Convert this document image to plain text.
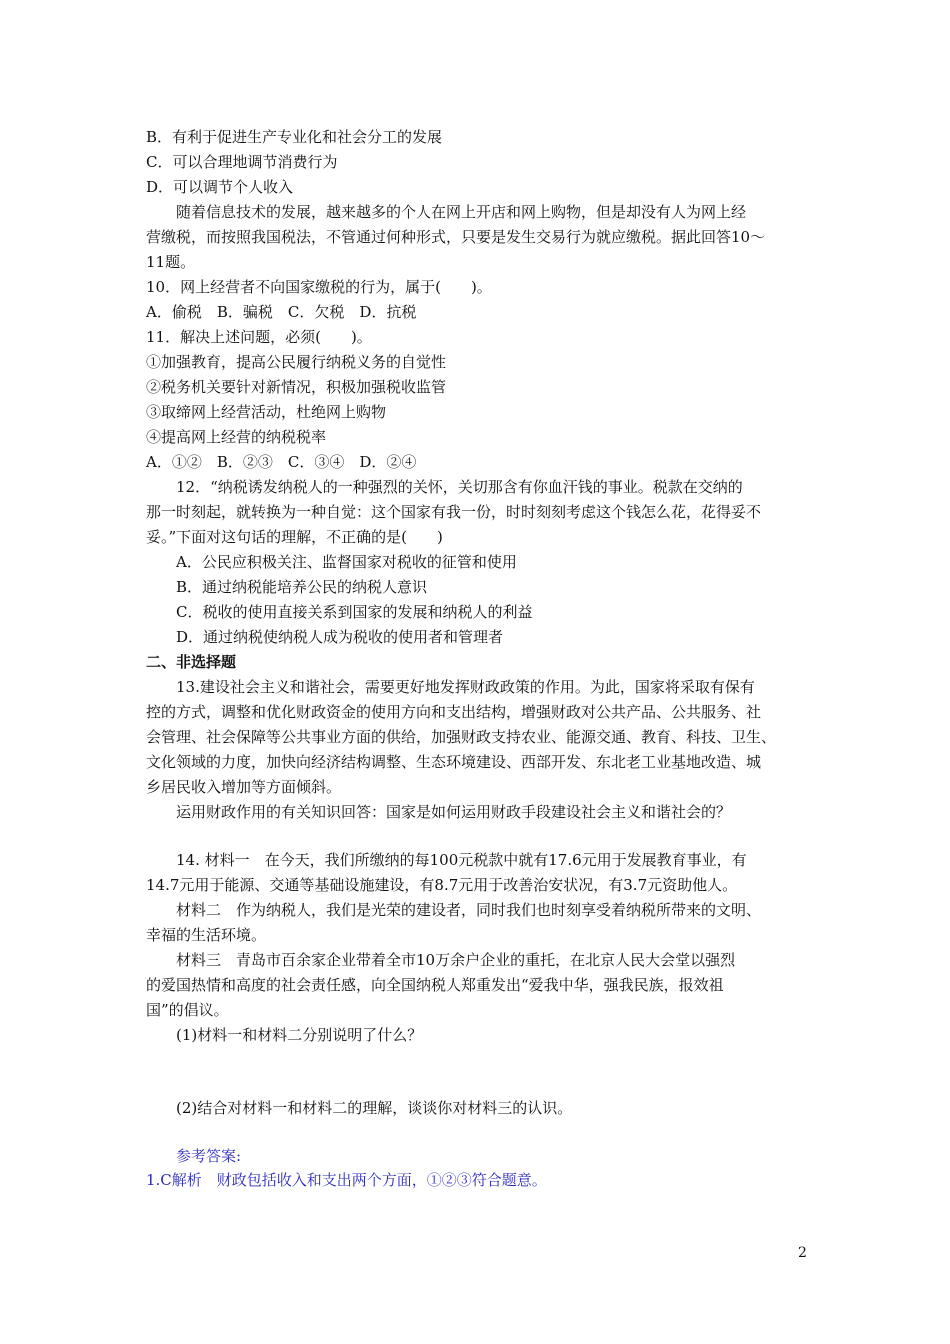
B．有利于促进生产专业化和社会分工的发展
C．可以合理地调节消费行为
D．可以调节个人收入
随着信息技术的发展，越来越多的个人在网上开店和网上购物，但是却没有人为网上经
营缴税，而按照我国税法，不管通过何种形式，只要是发生交易行为就应缴税。据此回答10～
11题。
10．网上经营者不向国家缴税的行为，属于(　　)。
A．偷税　B．骗税　C．欠税　D．抗税
11．解决上述问题，必须(　　)。
①加强教育，提高公民履行纳税义务的自觉性
②税务机关要针对新情况，积极加强税收监管
③取缔网上经营活动，杜绝网上购物
④提高网上经营的纳税税率
A．①②　B．②③　C．③④　D．②④
12．“纳税诱发纳税人的一种强烈的关怀，关切那含有你血汗钱的事业。税款在交纳的
那一时刻起，就转换为一种自觉：这个国家有我一份，时时刻刻考虑这个钱怎么花，花得妥不
妥。”下面对这句话的理解，不正确的是(　　)
A．公民应积极关注、监督国家对税收的征管和使用
B．通过纳税能培养公民的纳税人意识
C．税收的使用直接关系到国家的发展和纳税人的利益
D．通过纳税使纳税人成为税收的使用者和管理者
二、非选择题
13.建设社会主义和谐社会，需要更好地发挥财政政策的作用。为此，国家将采取有保有
控的方式，调整和优化财政资金的使用方向和支出结构，增强财政对公共产品、公共服务、社
会管理、社会保障等公共事业方面的供给，加强财政支持农业、能源交通、教育、科技、卫生、
文化领域的力度，加快向经济结构调整、生态环境建设、西部开发、东北老工业基地改造、城
乡居民收入增加等方面倾斜。
运用财政作用的有关知识回答：国家是如何运用财政手段建设社会主义和谐社会的？
14. 材料一　在今天，我们所缴纳的每100元税款中就有17.6元用于发展教育事业，有
14.7元用于能源、交通等基础设施建设，有8.7元用于改善治安状况，有3.7元资助他人。
材料二　作为纳税人，我们是光荣的建设者，同时我们也时刻享受着纳税所带来的文明、
幸福的生活环境。
材料三　青岛市百余家企业带着全市10万余户企业的重托，在北京人民大会堂以强烈
的爱国热情和高度的社会责任感，向全国纳税人郑重发出“爱我中华，强我民族，报效祖
国”的倡议。
(1)材料一和材料二分别说明了什么？
(2)结合对材料一和材料二的理解，谈谈你对材料三的认识。
参考答案:
1.C解析　财政包括收入和支出两个方面，①②③符合题意。
2
